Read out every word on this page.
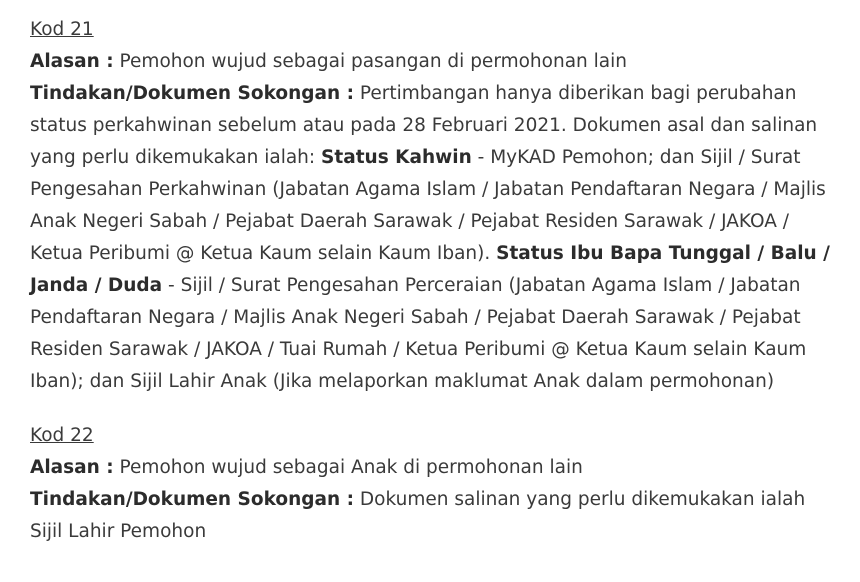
Kod 21

Alasan : Pemohon wujud sebagai pasangan di permohonan lain

Tindakan/Dokumen Sokongan : Pertimbangan hanya diberikan bagi perubahan status perkahwinan sebelum atau pada 28 Februari 2021. Dokumen asal dan salinan yang perlu dikemukakan ialah: Status Kahwin - MyKAD Pemohon; dan Sijil / Surat Pengesahan Perkahwinan (Jabatan Agama Islam / Jabatan Pendaftaran Negara / Majlis Anak Negeri Sabah / Pejabat Daerah Sarawak / Pejabat Residen Sarawak / JAKOA / Ketua Peribumi @ Ketua Kaum selain Kaum Iban). Status Ibu Bapa Tunggal / Balu / Janda / Duda - Sijil / Surat Pengesahan Perceraian (Jabatan Agama Islam / Jabatan Pendaftaran Negara / Majlis Anak Negeri Sabah / Pejabat Daerah Sarawak / Pejabat Residen Sarawak / JAKOA / Tuai Rumah / Ketua Peribumi @ Ketua Kaum selain Kaum Iban); dan Sijil Lahir Anak (Jika melaporkan maklumat Anak dalam permohonan)

Kod 22

Alasan : Pemohon wujud sebagai Anak di permohonan lain

Tindakan/Dokumen Sokongan : Dokumen salinan yang perlu dikemukakan ialah Sijil Lahir Pemohon
